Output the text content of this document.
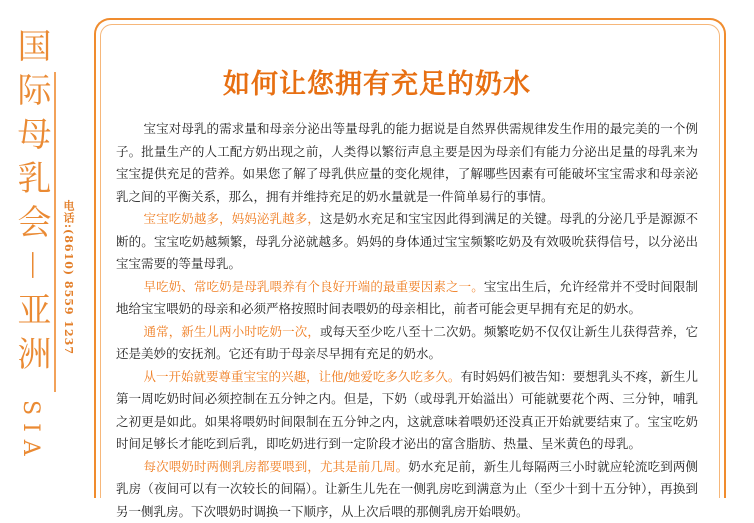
国际母乳会－亚洲 电话:(8610) 8559 1237
SIA
如何让您拥有充足的奶水

宝宝对母乳的需求量和母亲分泌出等量母乳的能力据说是自然界供需规律发生作用的最完美的一个例子。批量生产的人工配方奶出现之前，人类得以繁衍声息主要是因为母亲们有能力分泌出足量的母乳来为宝宝提供充足的营养。如果您了解了母乳供应量的变化规律，了解哪些因素有可能破坏宝宝需求和母亲泌乳之间的平衡关系，那么，拥有并维持充足的奶水量就是一件简单易行的事情。

宝宝吃奶越多，妈妈泌乳越多，这是奶水充足和宝宝因此得到满足的关键。母乳的分泌几乎是源源不断的。宝宝吃奶越频繁，母乳分泌就越多。妈妈的身体通过宝宝频繁吃奶及有效吸吮获得信号，以分泌出宝宝需要的等量母乳。

早吃奶、常吃奶是母乳喂养有个良好开端的最重要因素之一。宝宝出生后，允许经常并不受时间限制地给宝宝喂奶的母亲和必须严格按照时间表喂奶的母亲相比，前者可能会更早拥有充足的奶水。

通常，新生儿两小时吃奶一次，或每天至少吃八至十二次奶。频繁吃奶不仅仅让新生儿获得营养，它还是美妙的安抚剂。它还有助于母亲尽早拥有充足的奶水。

从一开始就要尊重宝宝的兴趣，让他/她爱吃多久吃多久。有时妈妈们被告知：要想乳头不疼，新生儿第一周吃奶时间必须控制在五分钟之内。但是，下奶（或母乳开始溢出）可能就要花个两、三分钟，哺乳之初更是如此。如果将喂奶时间限制在五分钟之内，这就意味着喂奶还没真正开始就要结束了。宝宝吃奶时间足够长才能吃到后乳，即吃奶进行到一定阶段才泌出的富含脂肪、热量、呈米黄色的母乳。

每次喂奶时两侧乳房都要喂到，尤其是前几周。奶水充足前，新生儿每隔两三小时就应轮流吃到两侧乳房（夜间可以有一次较长的间隔）。让新生儿先在一侧乳房吃到满意为止（至少十到十五分钟），再换到另一侧乳房。下次喂奶时调换一下顺序，从上次后喂的那侧乳房开始喂奶。
